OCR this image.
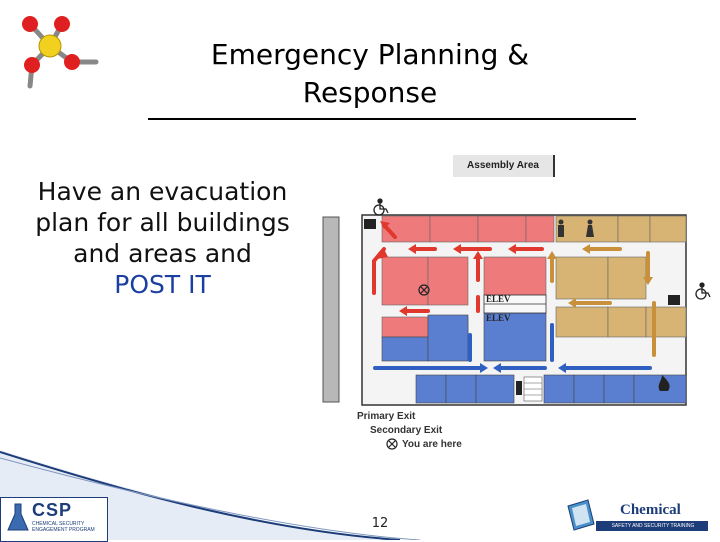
Emergency Planning & Response
Have an evacuation plan for all buildings and areas and
POST IT
Assembly Area
ELEV
ELEV
Primary Exit
Secondary Exit
You are here
12
CSP
CHEMICAL SECURITY ENGAGEMENT PROGRAM
Chemical
SAFETY AND SECURITY TRAINING
